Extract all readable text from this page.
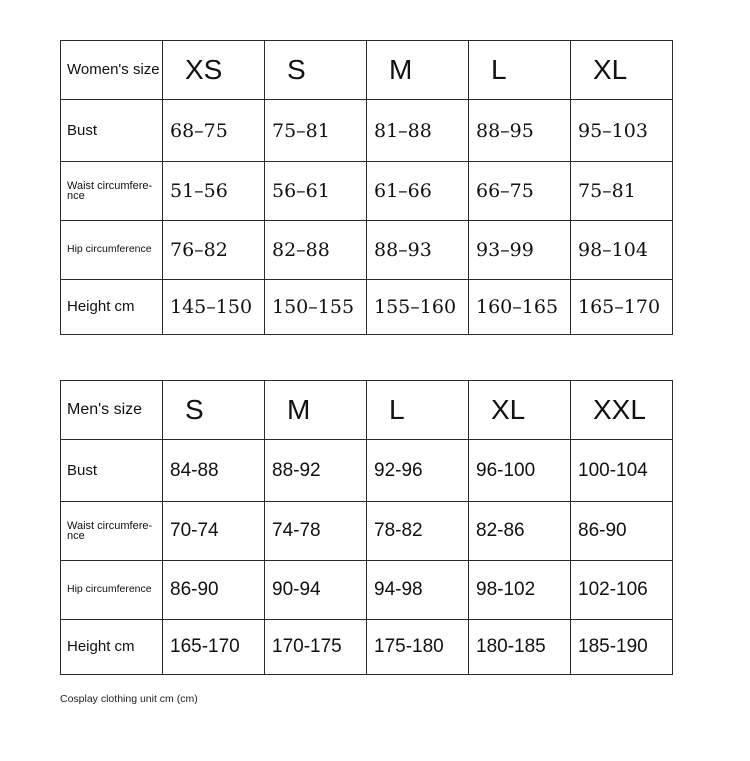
Women's size	XS	S	M	L	XL
Bust	68–75	75–81	81–88	88–95	95–103
Waist circumfere-nce	51–56	56–61	61–66	66–75	75–81
Hip circumference	76–82	82–88	88–93	93–99	98–104
Height cm	145–150	150–155	155–160	160–165	165–170
Men's size	S	M	L	XL	XXL
Bust	84-88	88-92	92-96	96-100	100-104
Waist circumfere-nce	70-74	74-78	78-82	82-86	86-90
Hip circumference	86-90	90-94	94-98	98-102	102-106
Height cm	165-170	170-175	175-180	180-185	185-190
Cosplay clothing unit cm (cm)
